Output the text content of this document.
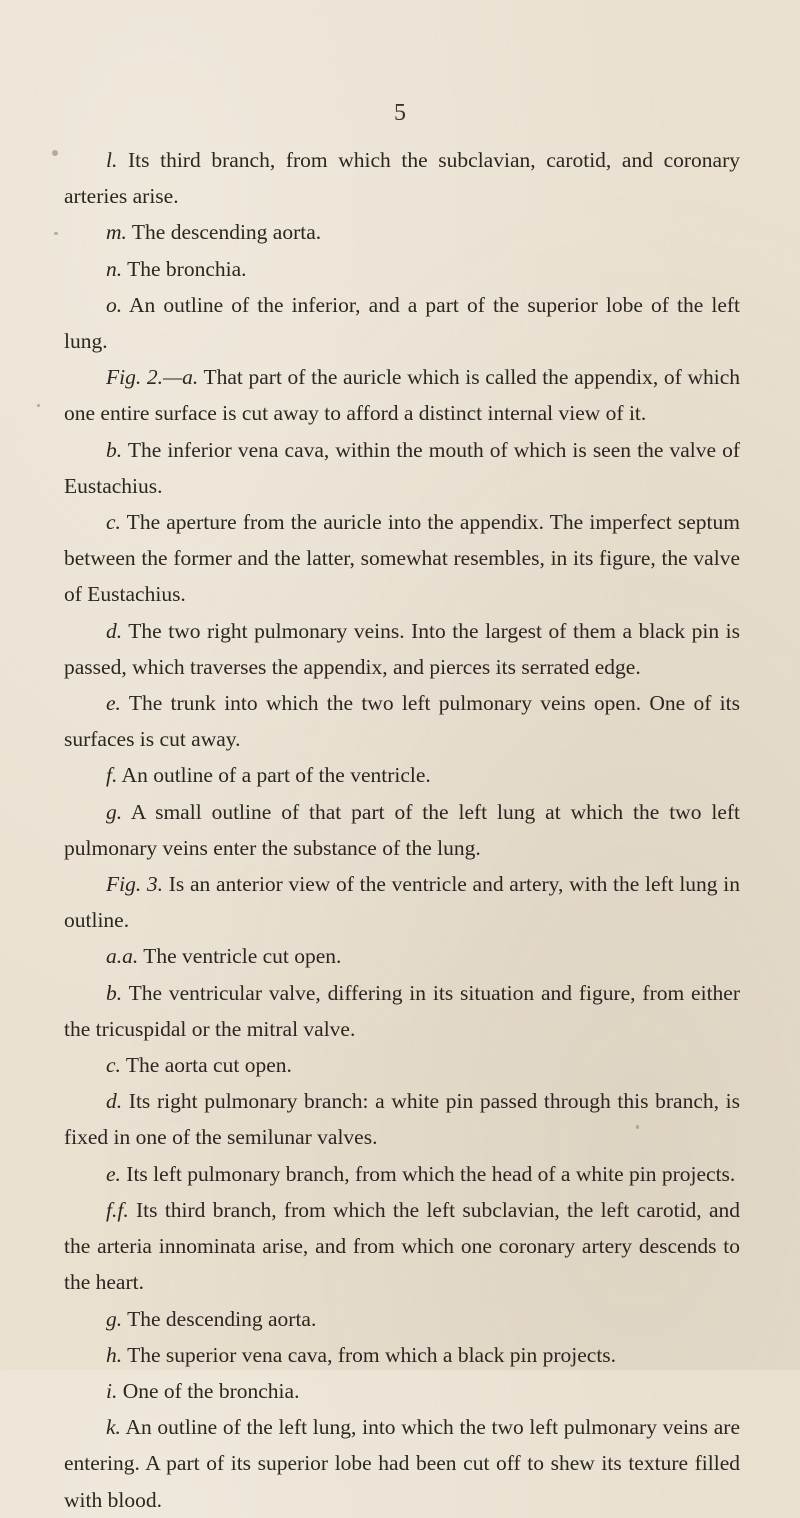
5

l. Its third branch, from which the subclavian, carotid, and coronary arteries arise.

m. The descending aorta.

n. The bronchia.

o. An outline of the inferior, and a part of the superior lobe of the left lung.

Fig. 2.—a. That part of the auricle which is called the appendix, of which one entire surface is cut away to afford a distinct internal view of it.

b. The inferior vena cava, within the mouth of which is seen the valve of Eustachius.

c. The aperture from the auricle into the appendix. The imperfect septum between the former and the latter, somewhat resembles, in its figure, the valve of Eustachius.

d. The two right pulmonary veins. Into the largest of them a black pin is passed, which traverses the appendix, and pierces its serrated edge.

e. The trunk into which the two left pulmonary veins open. One of its surfaces is cut away.

f. An outline of a part of the ventricle.

g. A small outline of that part of the left lung at which the two left pulmonary veins enter the substance of the lung.

Fig. 3. Is an anterior view of the ventricle and artery, with the left lung in outline.

a.a. The ventricle cut open.

b. The ventricular valve, differing in its situation and figure, from either the tricuspidal or the mitral valve.

c. The aorta cut open.

d. Its right pulmonary branch: a white pin passed through this branch, is fixed in one of the semilunar valves.

e. Its left pulmonary branch, from which the head of a white pin projects.

f.f. Its third branch, from which the left subclavian, the left carotid, and the arteria innominata arise, and from which one coronary artery descends to the heart.

g. The descending aorta.

h. The superior vena cava, from which a black pin projects.

i. One of the bronchia.

k. An outline of the left lung, into which the two left pulmonary veins are entering. A part of its superior lobe had been cut off to shew its texture filled with blood.
